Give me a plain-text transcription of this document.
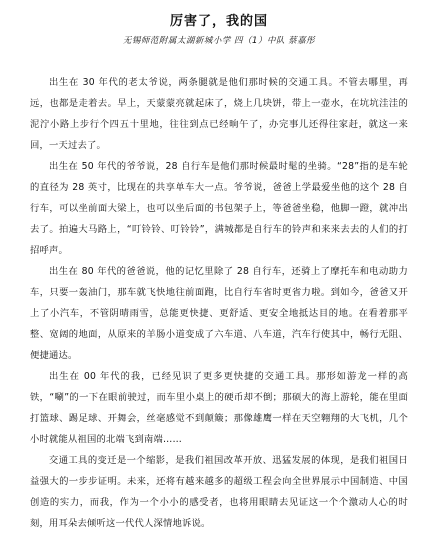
厉害了，我的国

无锡师范附属太湖新城小学 四（1）中队 蔡嘉彤

出生在 30 年代的老太爷说，两条腿就是他们那时候的交通工具。不管去哪里，再远，也都是走着去。早上，天蒙蒙亮就起床了，烧上几块饼，带上一壶水，在坑坑洼洼的泥泞小路上步行个四五十里地，往往到点已经晌午了，办完事儿还得往家赶，就这一来回，一天过去了。

出生在 50 年代的爷爷说，28 自行车是他们那时候最时髦的坐骑。“28”指的是车轮的直径为 28 英寸，比现在的共享单车大一点。爷爷说，爸爸上学最爱坐他的这个 28 自行车，可以坐前面大梁上，也可以坐后面的书包架子上，等爸爸坐稳，他脚一蹬，就冲出去了。拍遍大马路上，“叮铃铃、叮铃铃”，满城都是自行车的铃声和来来去去的人们的打招呼声。

出生在 80 年代的爸爸说，他的记忆里除了 28 自行车，还骑上了摩托车和电动助力车，只要一轰油门，那车就飞快地往前面跑，比自行车省时更省力啦。到如今，爸爸又开上了小汽车，不管阴晴雨雪，总能更快捷、更舒适、更安全地抵达目的地。在看着那平整、宽阔的地面，从原来的羊肠小道变成了六车道、八车道，汽车行使其中，畅行无阻、便捷通达。

出生在 00 年代的我，已经见识了更多更快捷的交通工具。那形如游龙一样的高铁，“唰”的一下在眼前驶过，而车里小桌上的硬币却不倒；那硕大的海上游轮，能在里面打篮球、踢足球、开舞会，丝毫感觉不到颠簸；那像雄鹰一样在天空翱翔的大飞机，几个小时就能从祖国的北端飞到南端……

交通工具的变迁是一个缩影，是我们祖国改革开放、迅猛发展的体现，是我们祖国日益强大的一步步证明。未来，还将有越来越多的超级工程会向全世界展示中国制造、中国创造的实力，而我，作为一个小小的感受者，也将用眼睛去见证这一个个激动人心的时刻，用耳朵去倾听这一代代人深情地诉说。
